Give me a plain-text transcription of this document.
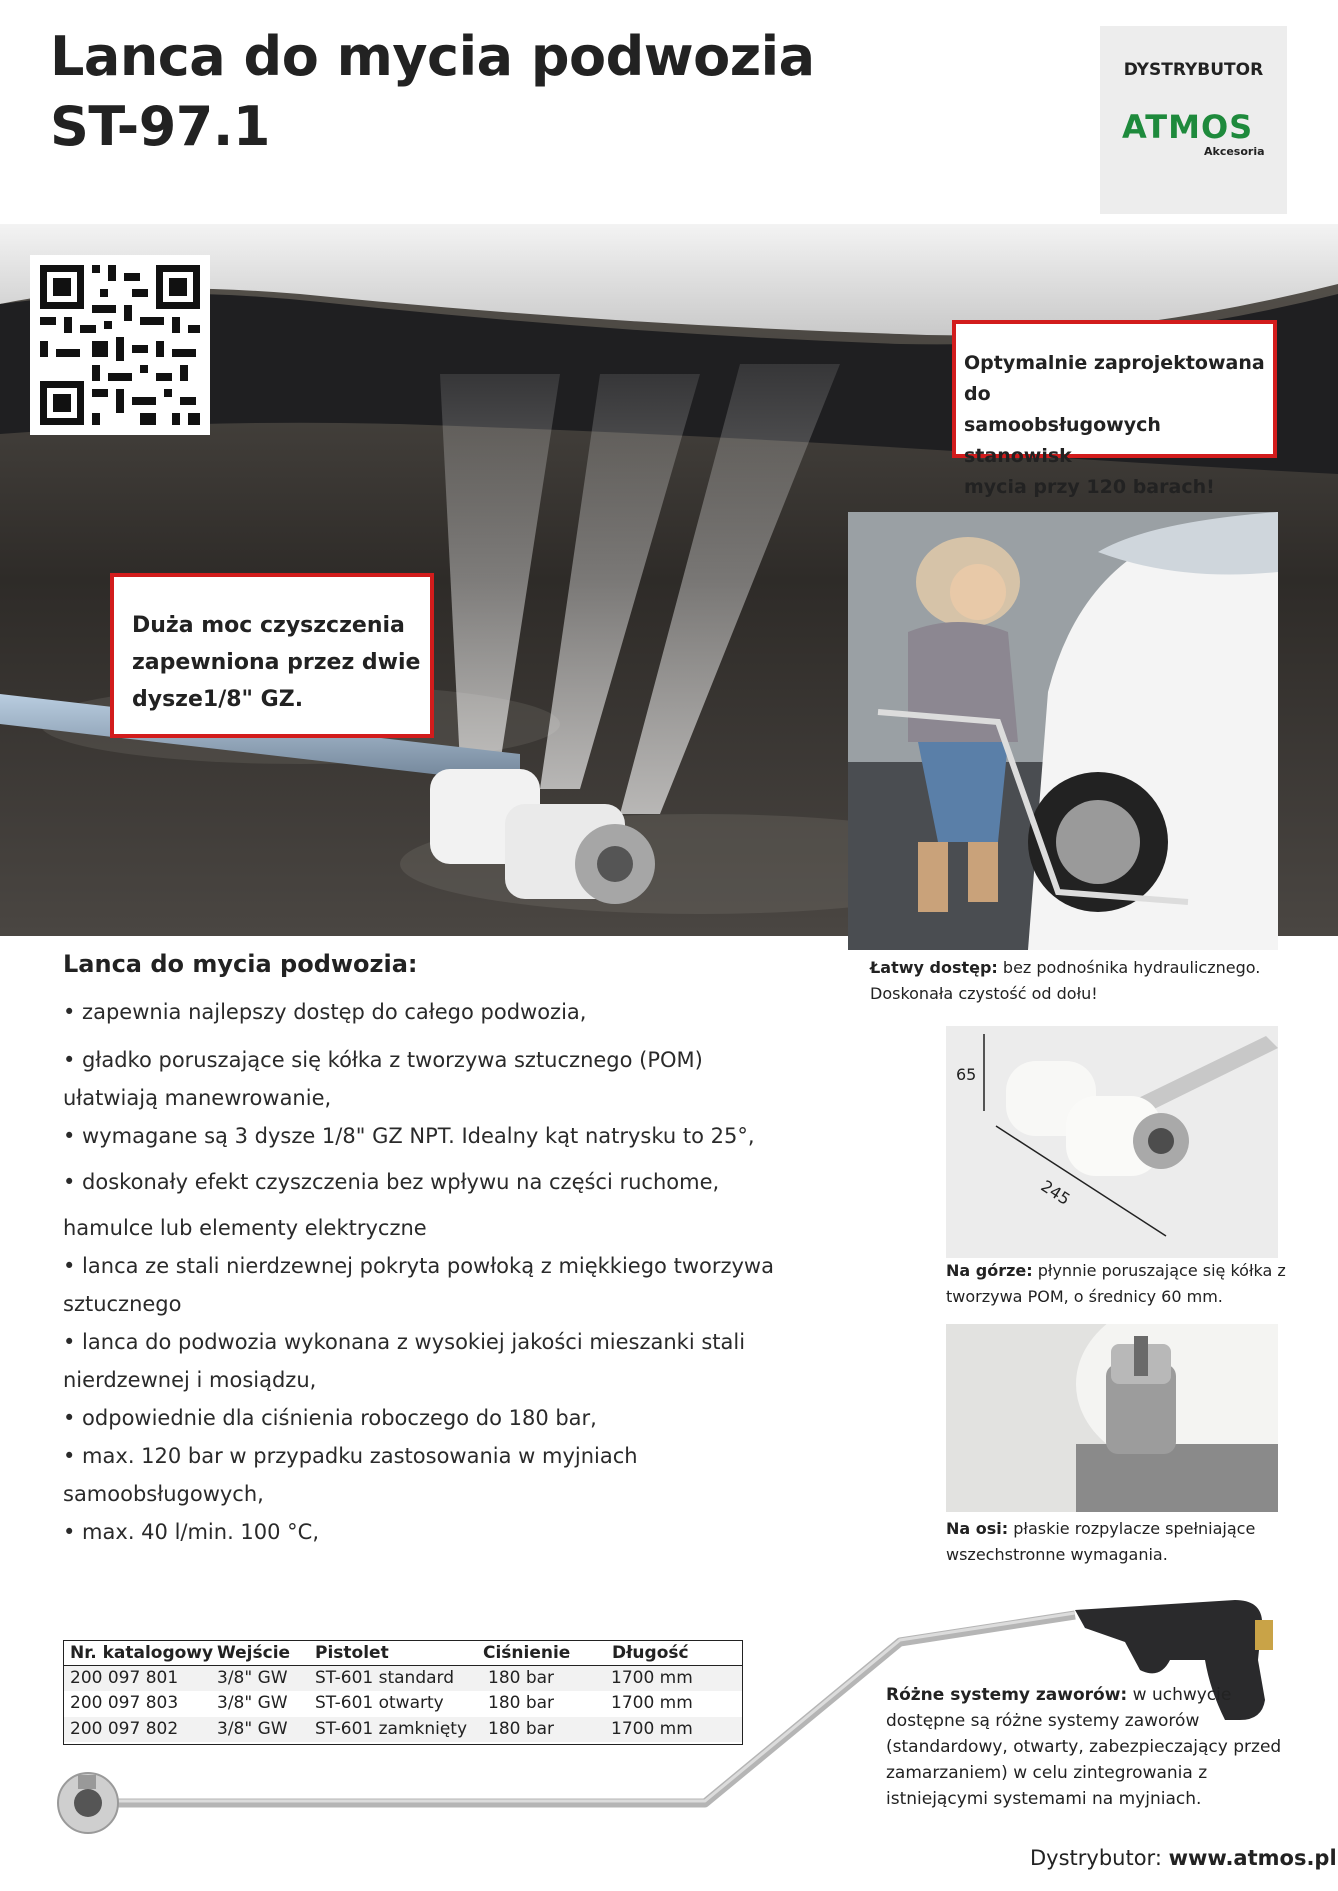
Lanca do mycia podwozia
ST-97.1
DYSTRYBUTOR
ATMOS
Akcesoria
Optymalnie zaprojektowana do
samoobsługowych stanowisk
mycia przy 120 barach!
Duża moc czyszczenia
zapewniona przez dwie
dysze1/8" GZ.
Lanca do mycia podwozia:
• zapewnia najlepszy dostęp do całego podwozia,
• gładko poruszające się kółka z tworzywa sztucznego (POM)
ułatwiają manewrowanie,
• wymagane są 3 dysze 1/8" GZ NPT. Idealny kąt natrysku to 25°,
• doskonały efekt czyszczenia bez wpływu na części ruchome,
hamulce lub elementy elektryczne
• lanca ze stali nierdzewnej pokryta powłoką z miękkiego tworzywa
sztucznego
• lanca do podwozia wykonana z wysokiej jakości mieszanki stali
nierdzewnej i mosiądzu,
• odpowiednie dla ciśnienia roboczego do 180 bar,
• max. 120 bar w przypadku zastosowania w myjniach
samoobsługowych,
• max. 40 l/min. 100 °C,
Łatwy dostęp: bez podnośnika hydraulicznego.
Doskonała czystość od dołu!
65
245
Na górze: płynnie poruszające się kółka z
tworzywa POM, o średnicy 60 mm.
Na osi: płaskie rozpylacze spełniające
wszechstronne wymagania.
Nr. katalogowy Wejście Pistolet	Ciśnienie Długość
200 097 801 3/8" GW ST-601 standard 180 bar	1700 mm
200 097 803 3/8" GW ST-601 otwarty	180 bar	1700 mm
200 097 802 3/8" GW ST-601 zamknięty 180 bar	1700 mm
Różne systemy zaworów: w uchwycie
dostępne są różne systemy zaworów
(standardowy, otwarty, zabezpieczający przed
zamarzaniem) w celu zintegrowania z
istniejącymi systemami na myjniach.
Dystrybutor: www.atmos.pl
